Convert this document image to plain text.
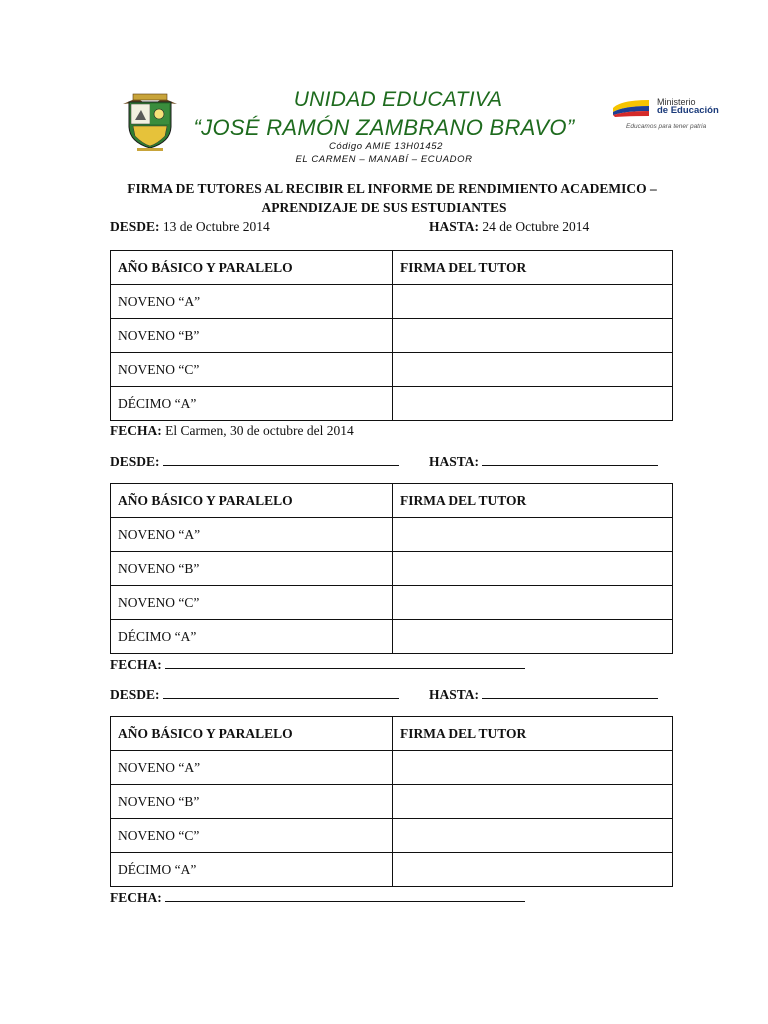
UNIDAD EDUCATIVA
“JOSÉ RAMÓN ZAMBRANO BRAVO”
Código AMIE 13H01452
EL CARMEN – MANABÍ – ECUADOR
Ministerio
de Educación
Educamos para tener patria
FIRMA DE TUTORES AL RECIBIR EL INFORME DE RENDIMIENTO ACADEMICO –
APRENDIZAJE DE SUS ESTUDIANTES
DESDE: 13 de Octubre 2014	HASTA: 24 de Octubre 2014
AÑO BÁSICO Y PARALELO	FIRMA DEL TUTOR
NOVENO “A”	
NOVENO “B”	
NOVENO “C”	
DÉCIMO “A”	
FECHA: El Carmen, 30 de octubre del 2014
DESDE:	HASTA:
AÑO BÁSICO Y PARALELO	FIRMA DEL TUTOR
NOVENO “A”	
NOVENO “B”	
NOVENO “C”	
DÉCIMO “A”	
FECHA:
DESDE:	HASTA:
AÑO BÁSICO Y PARALELO	FIRMA DEL TUTOR
NOVENO “A”	
NOVENO “B”	
NOVENO “C”	
DÉCIMO “A”	
FECHA:
